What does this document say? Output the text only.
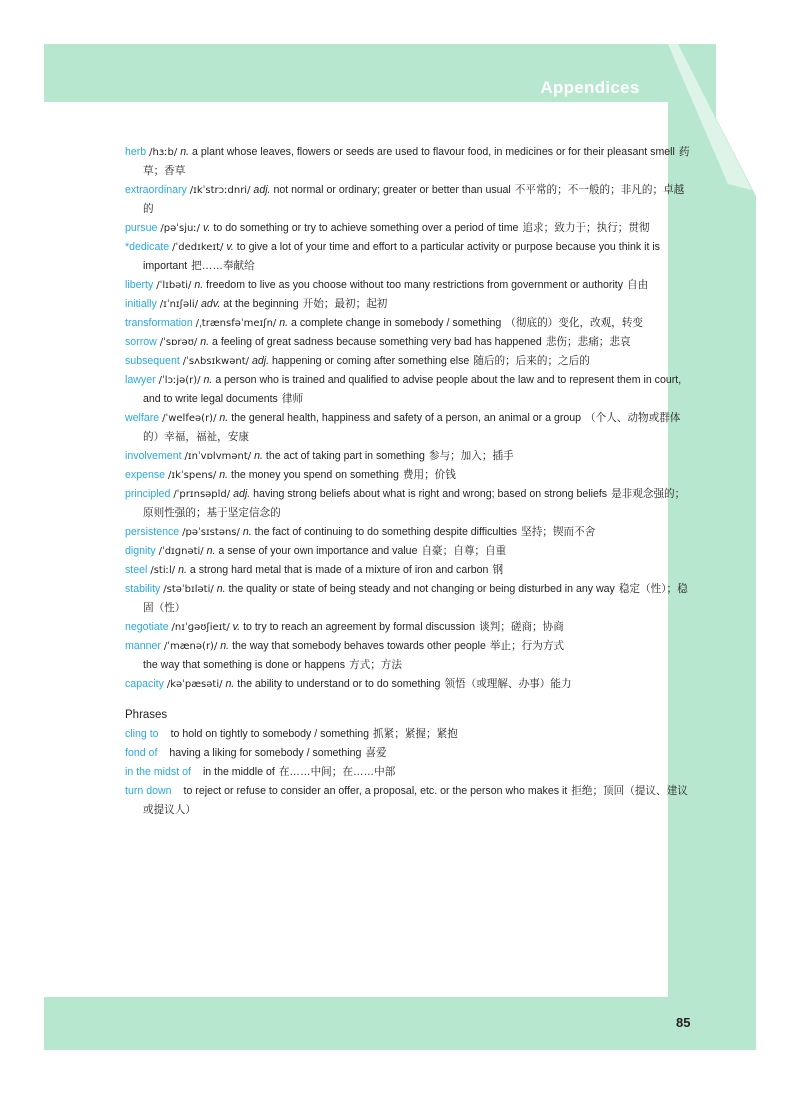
Appendices

herb /hɜːb/ n. a plant whose leaves, flowers or seeds are used to flavour food, in medicines or for their pleasant smell 药草；香草

extraordinary /ɪkˈstrɔːdnri/ adj. not normal or ordinary; greater or better than usual 不平常的；不一般的；非凡的；卓越的

pursue /pəˈsjuː/ v. to do something or try to achieve something over a period of time 追求；致力于；执行；贯彻

*dedicate /ˈdedɪkeɪt/ v. to give a lot of your time and effort to a particular activity or purpose because you think it is important 把……奉献给

liberty /ˈlɪbəti/ n. freedom to live as you choose without too many restrictions from government or authority 自由

initially /ɪˈnɪʃəli/ adv. at the beginning 开始；最初；起初

transformation /ˌtrænsfəˈmeɪʃn/ n. a complete change in somebody / something （彻底的）变化，改观，转变

sorrow /ˈsɒrəʊ/ n. a feeling of great sadness because something very bad has happened 悲伤；悲痛；悲哀

subsequent /ˈsʌbsɪkwənt/ adj. happening or coming after something else 随后的；后来的；之后的

lawyer /ˈlɔːjə(r)/ n. a person who is trained and qualified to advise people about the law and to represent them in court, and to write legal documents 律师

welfare /ˈwelfeə(r)/ n. the general health, happiness and safety of a person, an animal or a group （个人、动物或群体的）幸福，福祉，安康

involvement /ɪnˈvɒlvmənt/ n. the act of taking part in something 参与；加入；插手

expense /ɪkˈspens/ n. the money you spend on something 费用；价钱

principled /ˈprɪnsəpld/ adj. having strong beliefs about what is right and wrong; based on strong beliefs 是非观念强的；原则性强的；基于坚定信念的

persistence /pəˈsɪstəns/ n. the fact of continuing to do something despite difficulties 坚持；锲而不舍

dignity /ˈdɪɡnəti/ n. a sense of your own importance and value 自豪；自尊；自重

steel /stiːl/ n. a strong hard metal that is made of a mixture of iron and carbon 钢

stability /stəˈbɪləti/ n. the quality or state of being steady and not changing or being disturbed in any way 稳定（性）；稳固（性）

negotiate /nɪˈɡəʊʃieɪt/ v. to try to reach an agreement by formal discussion 谈判；磋商；协商

manner /ˈmænə(r)/ n. the way that somebody behaves towards other people 举止；行为方式
the way that something is done or happens 方式；方法

capacity /kəˈpæsəti/ n. the ability to understand or to do something 领悟（或理解、办事）能力

Phrases

cling to to hold on tightly to somebody / something 抓紧；紧握；紧抱

fond of having a liking for somebody / something 喜爱

in the midst of in the middle of 在……中间；在……中部

turn down to reject or refuse to consider an offer, a proposal, etc. or the person who makes it 拒绝；顶回（提议、建议或提议人）

85
